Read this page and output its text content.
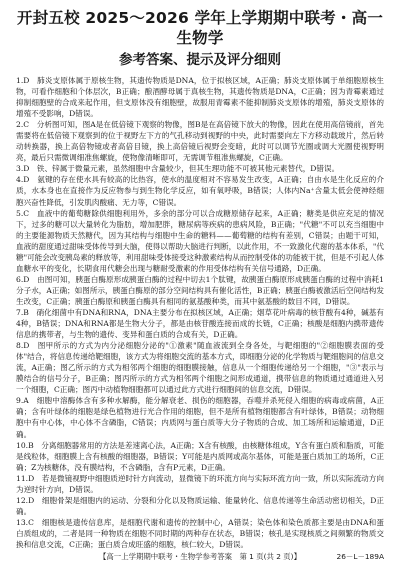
开封五校 2025～2026 学年上学期期中联考・高一生物学
参考答案、提示及评分细则

1.D　肺炎支原体属于原核生物，其遗传物质是DNA，位于拟核区域，A正确；肺炎支原体属于单细胞原核生物，可看作细胞和个体层次，B正确；酿酒酵母属于真核生物，其遗传物质是DNA，C正确；因为青霉素通过抑制细胞壁的合成来起作用，但支原体没有细胞壁，故服用青霉素不能抑制肺炎支原体的增殖，肺炎支原体的增殖不受影响，D错误。

2.C　分析图可知，图A是在低倍镜下观察的物像，图B是在高倍镜下放大的物像，因此在使用高倍镜前，首先需要将在低倍镜下观察到的位于视野左下方的气孔移动到视野的中央，此时需要向左下方移动载玻片，然后转动转换器，换上高倍物镜或者高倍目镜，换上高倍镜后视野会变暗，此时可以调节光圈或调大光圈使视野明亮，最后只需微调细准焦螺旋，使物像清晰即可，无需调节粗准焦螺旋，C正确。

3.D　铁、锌属于微量元素，虽然细胞中含量较少，但其生理功能不可被其他元素替代，D错误。

4.D　氨键的存在使水具有较高的比热容，使水的温度相对不容易发生改变，A正确；自由水是生化反应的介质，水本身也在直接作为反应物参与到生物化学反应，如有氧呼吸，B错误；人体内Na⁺含量太低会使神经细胞兴奋性降低，引发肌肉酸痛、无力等，C错误。

5.C　血液中的葡萄糖除供细胞利用外，多余的部分可以合成糖原储存起来，A正确；糖类是供应充足的情况下，过多的糖可以大量转化为脂肪，增加肥胖，糖尿病等疾病的患病风险，B正确；"代糖"不可以充当细胞中的主要能源物质天然糖代，因为其结构与细胞中生命的糖料——葡萄糖的结构有差别，C错误；由题干可知，血液的甜度通过甜味受体传导到大脑，使得以帮助大脑进行判断，以此作用，不一致激化代谢的基本体系，"代糖"可能会改变胰岛素的释放等，利用甜味受体接受这种激素结构从而控制受体的功能被干扰，但是不引起人体血糖水平的变化，长期食用代糖会出现与糖耐受激素的作用受体结构有关信号通路，D正确。

6.D　由图可知，胰蛋白酶原形成胰蛋白酶的过程中切去1个肽键，故胰蛋白酶原形成胰蛋白酶的过程中消耗1分子水，A正确；如图所示，胰蛋白酶原的部分空间结构具有催化活性，B正确；胰蛋白酶被激活后空间结构发生改变，C正确；胰蛋白酶原和胰蛋白酶具有相同的氨基酸种类，而其中氨基酸的数目不同，D错误。

7.B　硝化细菌中有DNA和RNA，DNA主要分布在拟核区域，A正确；烟草花叶病毒的核苷酸有4种，碱基有4种，B错误；DNA和RNA都是生物大分子，都是由核苷酸连接而成的长链，C正确；核酸是细胞内携带遗传信息的携带者，与生物的遗传、变异和蛋白质的合成有关，D正确。

8.D　图甲所示的方式为内分泌细胞分泌的"①激素"随血液流到全身各处，与靶细胞的"②细胞膜表面的受体"结合，将信息传递给靶细胞，该方式为将细胞交流的基本方式，即细胞分泌的化学物质与靶细胞间的信息交流，A正确；图乙所示的方式为相邻两个细胞的细胞膜接触，信息从一个细胞传递给另一个细胞，"③"表示与膜结合的信号分子，B正确；图丙所示的方式为相邻两个细胞之间形成通道，携带信息的物质通过通道进入另一个细胞，C正确；图丙中动植物细胞都可以通过此方式进行细胞间的信息交流，D错误。

9.A　细胞中溶酶体含有多种水解酶，能分解衰老、损伤的细胞器，吞噬并杀死侵入细胞的病毒或病菌，A正确；含有叶绿体的细胞是绿色植物进行光合作用的细胞，但不是所有植物细胞都含有叶绿体，B错误；动物细胞中有中心体，中心体不含磷脂，C错误；内质网与蛋白质等大分子物质的合成、加工场所和运输通道，D正确。

10.B　分离细胞器常用的方法是差速离心法，A正确；X含有核酸，由核糖体组成，Y含有蛋白质和脂质，可能是线粒体，细胞膜上含有核酸的细胞器，B错误；Y可能是内质网或高尔基体，可能是蛋白质加工的场所，C正确；Z为核糖体，没有膜结构，不含磷脂，含有P元素，D正确。

11.D　若是微镜视野中细胞质逆时针方向流动，显微镜下的环流方向与实际环流方向一致，所以实际流动方向为逆时针方向，D错误。

12.D　细胞骨架是细胞内的运动、分裂和分化以及物质运输、能量转化、信息传递等生命活动密切相关，D正确。

13.C　细胞核是遗传信息库，是细胞代谢和遗传的控制中心，A错误；染色体和染色质都主要是由DNA和蛋白质组成的，二者是同一种物质在细胞不同时期的两种存在状态，B错误；核孔是实现核质之间频繁的物质交换和信息交流，C正确；蛋白质合成旺盛的细胞，核仁较大，D错误。

【高一上学期期中联考・生物学参考答案　第 1 页(共 2 页)】	26－L－189A
